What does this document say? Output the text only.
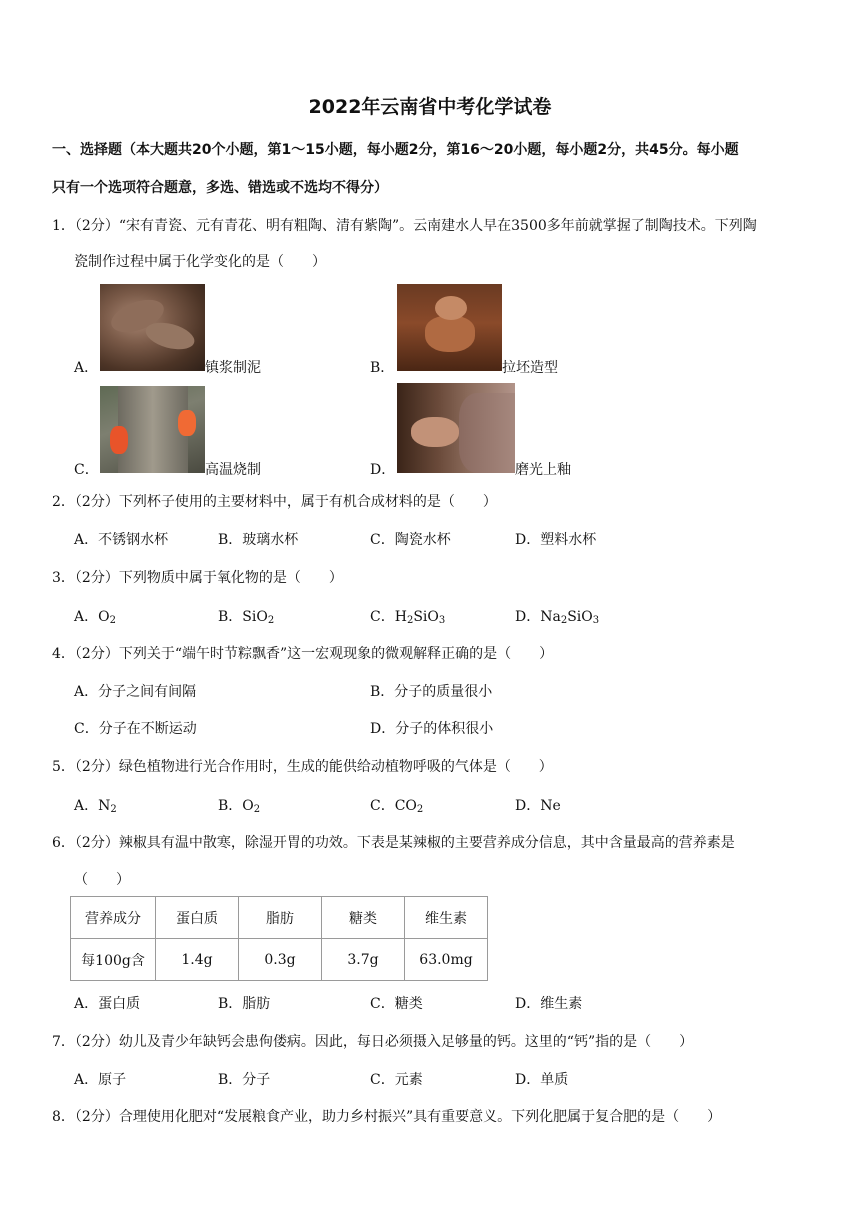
2022年云南省中考化学试卷
一、选择题（本大题共20个小题，第1～15小题，每小题2分，第16～20小题，每小题2分，共45分。每小题
只有一个选项符合题意，多选、错选或不选均不得分）
1．（2分）“宋有青瓷、元有青花、明有粗陶、清有紫陶”。云南建水人早在3500多年前就掌握了制陶技术。下列陶
瓷制作过程中属于化学变化的是（　　）
A．	镇浆制泥	B．	拉坯造型
C．	高温烧制	D．	磨光上釉
2．（2分）下列杯子使用的主要材料中，属于有机合成材料的是（　　）
A．不锈钢水杯	B．玻璃水杯	C．陶瓷水杯	D．塑料水杯
3．（2分）下列物质中属于氧化物的是（　　）
A．$O_2$	B．SiO$_2$	C．$H_2SiO_3$	D．$Na_2SiO_3$
4．（2分）下列关于“端午时节粽飘香”这一宏观现象的微观解释正确的是（　　）
A．分子之间有间隔	B．分子的质量很小
C．分子在不断运动	D．分子的体积很小
5．（2分）绿色植物进行光合作用时，生成的能供给动植物呼吸的气体是（　　）
A．$N_2$	B．$O_2$	C．$CO_2$	D．Ne
6．（2分）辣椒具有温中散寒，除湿开胃的功效。下表是某辣椒的主要营养成分信息，其中含量最高的营养素是
（　　）
营养成分	蛋白质	脂肪	糖类	维生素
每100g含	1.4g	0.3g	3.7g	63.0mg
A．蛋白质	B．脂肪	C．糖类	D．维生素
7．（2分）幼儿及青少年缺钙会患佝偻病。因此，每日必须摄入足够量的钙。这里的“钙”指的是（　　）
A．原子	B．分子	C．元素	D．单质
8．（2分）合理使用化肥对“发展粮食产业，助力乡村振兴”具有重要意义。下列化肥属于复合肥的是（　　）
